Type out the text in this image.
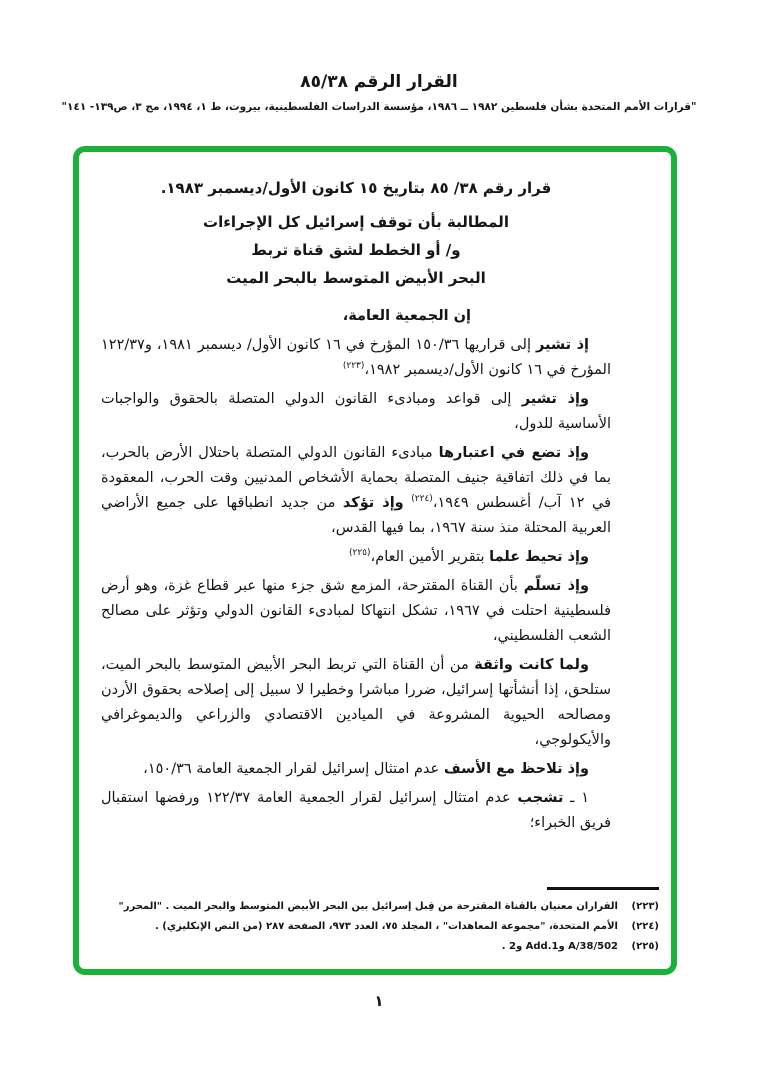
القرار الرقم ٣٨‏/‏٨٥
"قرارات الأمم المتحدة بشأن فلسطين ١٩٨٢ ــ ١٩٨٦، مؤسسة الدراسات الفلسطينية، بيروت، ط ١، ١٩٩٤، مج ٣، ص١٣٩- ١٤١"
قرار رقم ٣٨/ ٨٥ بتاريخ ١٥ كانون الأول/ديسمبر ١٩٨٣.
المطالبة بأن توقف إسرائيل كل الإجراءات
و/ أو الخطط لشق قناة تربط
البحر الأبيض المتوسط بالبحر الميت

إن الجمعية العامة،

إذ تشير إلى قراريها ٣٦‏/‏١٥٠ المؤرخ في ١٦ كانون الأول/ ديسمبر ١٩٨١، و٣٧‏/‏١٢٢ المؤرخ في ١٦ كانون الأول/ديسمبر ١٩٨٢،$^{(٢٢٣)}$

وإذ تشير إلى قواعد ومبادىء القانون الدولي المتصلة بالحقوق والواجبات الأساسية للدول،

وإذ تضع في اعتبارها مبادىء القانون الدولي المتصلة باحتلال الأرض بالحرب، بما في ذلك اتفاقية جنيف المتصلة بحماية الأشخاص المدنيين وقت الحرب، المعقودة في ١٢ آب/ أغسطس ١٩٤٩،$^{(٢٢٤)}$ وإذ تؤكد من جديد انطباقها على جميع الأراضي العربية المحتلة منذ سنة ١٩٦٧، بما فيها القدس،

وإذ تحيط علما بتقرير الأمين العام،$^{(٢٢٥)}$

وإذ تسلّم بأن القناة المقترحة، المزمع شق جزء منها عبر قطاع غزة، وهو أرض فلسطينية احتلت في ١٩٦٧، تشكل انتهاكا لمبادىء القانون الدولي وتؤثر على مصالح الشعب الفلسطيني،

ولما كانت واثقة من أن القناة التي تربط البحر الأبيض المتوسط بالبحر الميت، ستلحق، إذا أنشأتها إسرائيل، ضررا مباشرا وخطيرا لا سبيل إلى إصلاحه بحقوق الأردن ومصالحه الحيوية المشروعة في الميادين الاقتصادي والزراعي والديموغرافي والأيكولوجي،

وإذ تلاحظ مع الأسف عدم امتثال إسرائيل لقرار الجمعية العامة ٣٦‏/‏١٥٠،

١ ـ تشجب عدم امتثال إسرائيل لقرار الجمعية العامة ٣٧‏/‏١٢٢ ورفضها استقبال فريق الخبراء؛

(٢٢٣)
القراران معنيان بالقناة المقترحة من قِبل إسرائيل بين البحر الأبيض المتوسط والبحر الميت . "المحرر"
(٢٢٤)
الأمم المتحدة، "مجموعة المعاهدات" ، المجلد ٧٥، العدد ٩٧٣، الصفحة ٢٨٧ (من النص الإنكليزي) .
(٢٢٥)
A/38/502 وAdd.1 و2 .
١
